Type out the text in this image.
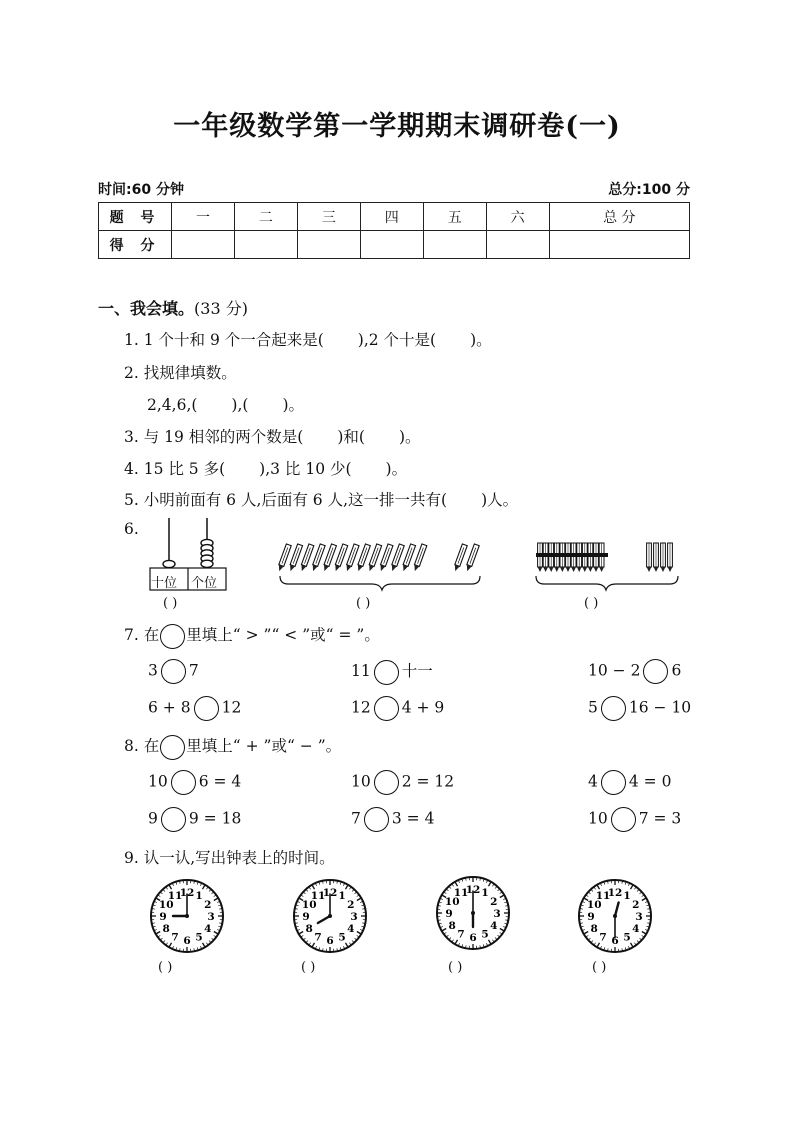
一年级数学第一学期期末调研卷(一)
时间:60 分钟	总分:100 分
题 号	一	二	三	四	五	六	总 分
得 分							
一、我会填。(33 分)
1. 1 个十和 9 个一合起来是( ),2 个十是( )。
2. 找规律填数。
2,4,6,( ),( )。
3. 与 19 相邻的两个数是( )和( )。
4. 15 比 5 多( ),3 比 10 少( )。
5. 小明前面有 6 人,后面有 6 人,这一排一共有( )人。
6.
十位 个位
( )	( )	( )
7. 在 里填上“ > ”“ < ”或“ = ”。
3 7	11 十一	10 − 2 6
6 + 8 12	12 4 + 9	5 16 − 10
8. 在 里填上“ + ”或“ − ”。
10 6 = 4	10 2 = 12	4 4 = 0
9 9 = 18	7 3 = 4	10 7 = 3
9. 认一认,写出钟表上的时间。
12 1
2
3
4
5
6
7
8
9
10
11	12 1
2
3
4
5
6
7
8
9
10
11
12 1
2
3
4
5
6
7
8
9
10
11	12 1
2
3
4
5
6
7
8
9
10
11
( )	( )	( )	( )
